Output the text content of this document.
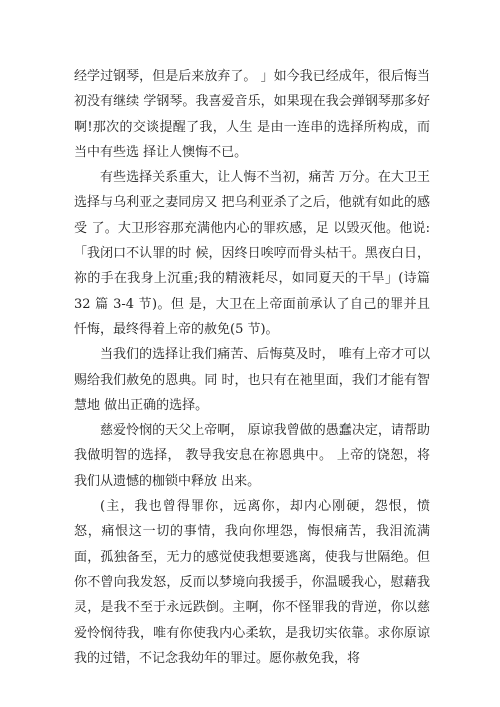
经学过钢琴，但是后来放弃了。 」如今我已经成年，很后悔当初没有继续 学钢琴。我喜爱音乐，如果现在我会弹钢琴那多好啊!那次的交谈提醒了我，人生 是由一连串的选择所构成，而当中有些选 择让人懊悔不已。

有些选择关系重大，让人悔不当初，痛苦 万分。在大卫王选择与乌利亚之妻同房又 把乌利亚杀了之后，他就有如此的感受 了。大卫形容那充满他内心的罪疚感，足 以毁灭他。他说:「我闭口不认罪的时 候，因终日唉哼而骨头枯干。黑夜白日， 祢的手在我身上沉重;我的精液耗尽，如同夏天的干旱」(诗篇 32 篇 3-4 节)。但 是，大卫在上帝面前承认了自己的罪并且 忏悔，最终得着上帝的赦免(5 节)。

当我们的选择让我们痛苦、后悔莫及时， 唯有上帝才可以赐给我们赦免的恩典。同 时，也只有在祂里面，我们才能有智慧地 做出正确的选择。

慈爱怜悯的天父上帝啊， 原谅我曾做的愚蠢决定，请帮助我做明智的选择， 教导我安息在祢恩典中。 上帝的饶恕，将我们从遗憾的枷锁中释放 出来。

(主，我也曾得罪你，远离你，却内心刚硬，怨恨，愤怒，痛恨这一切的事情，我向你埋怨，悔恨痛苦，我泪流满面，孤独备至，无力的感觉使我想要逃离，使我与世隔绝。但你不曾向我发怒，反而以梦境向我援手，你温暖我心，慰藉我灵，是我不至于永远跌倒。主啊，你不怪罪我的背逆，你以慈爱怜悯待我，唯有你使我内心柔软，是我切实依靠。求你原谅我的过错，不记念我幼年的罪过。愿你赦免我，将
